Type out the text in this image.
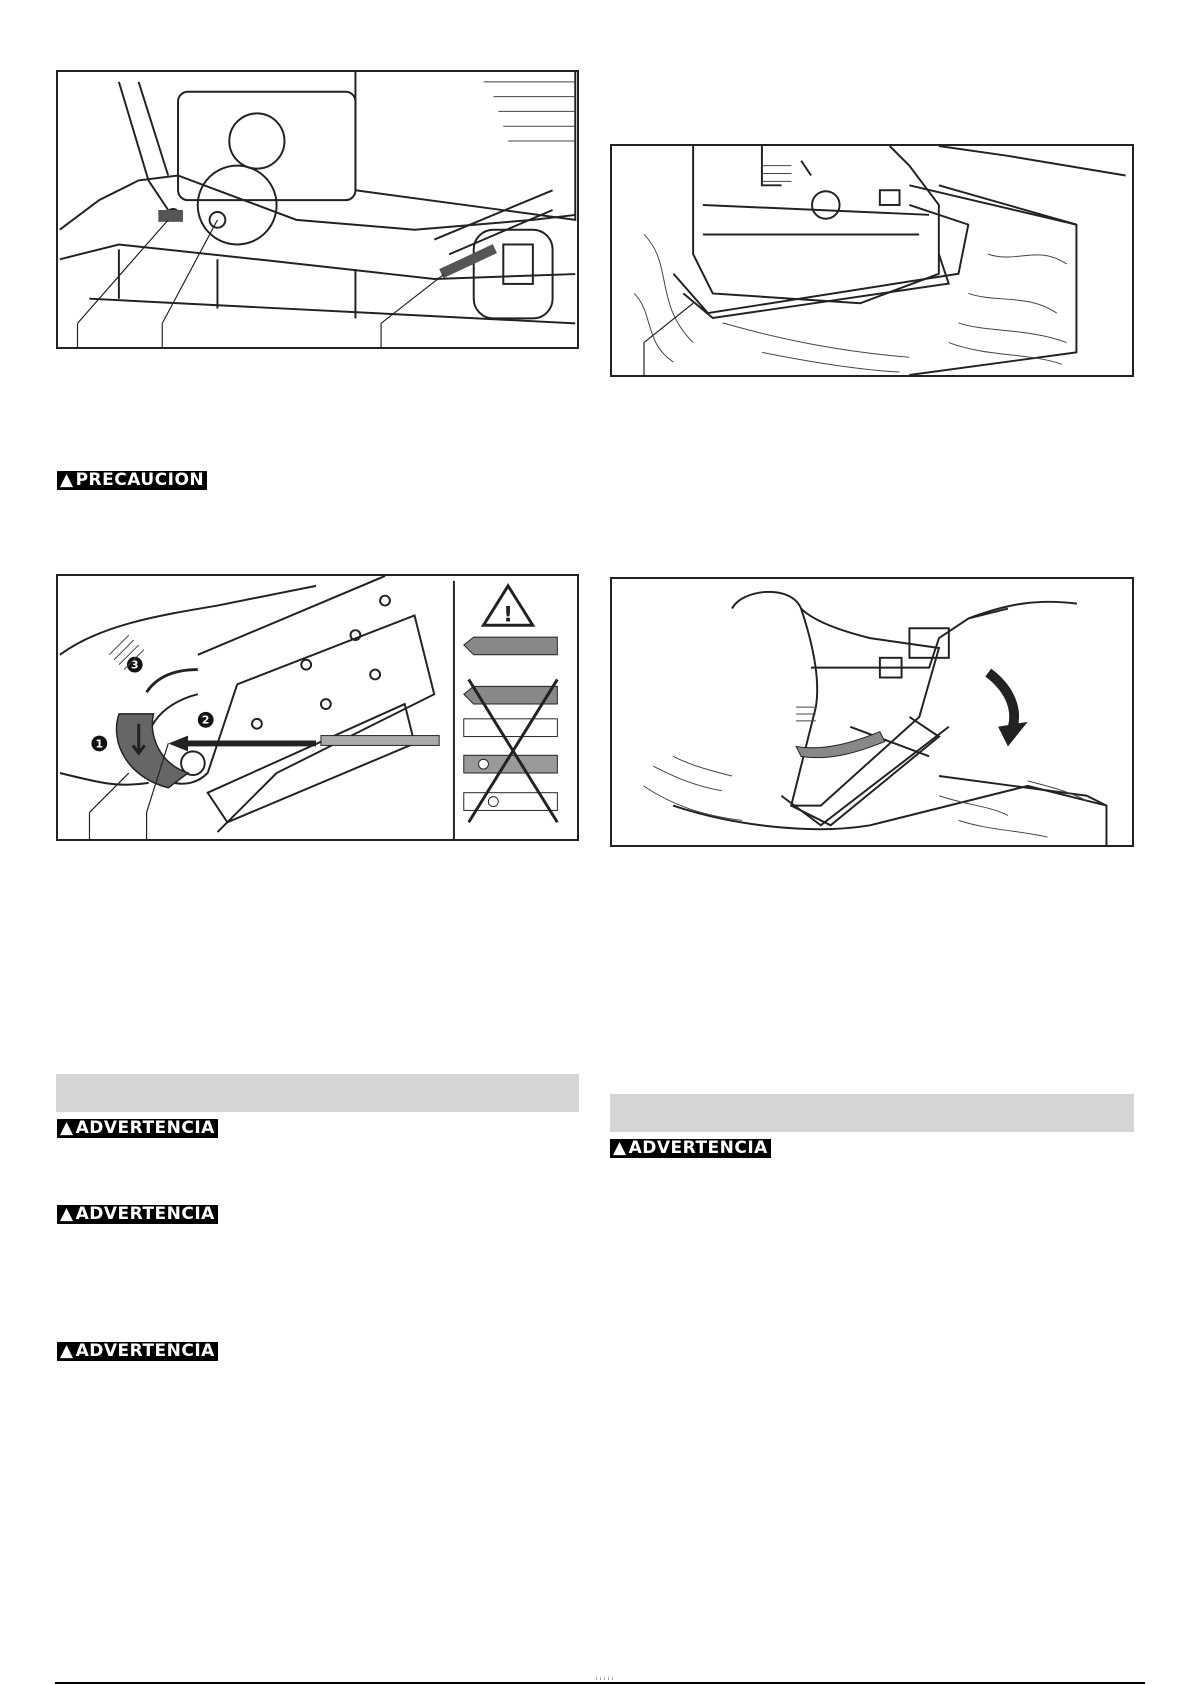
▲ PRECAUCION
1
2
3
!
▲ ADVERTENCIA
▲ ADVERTENCIA
▲ ADVERTENCIA
▲ ADVERTENCIA
ᵢ ᵢ ᵢ ᵢ ᵢ
